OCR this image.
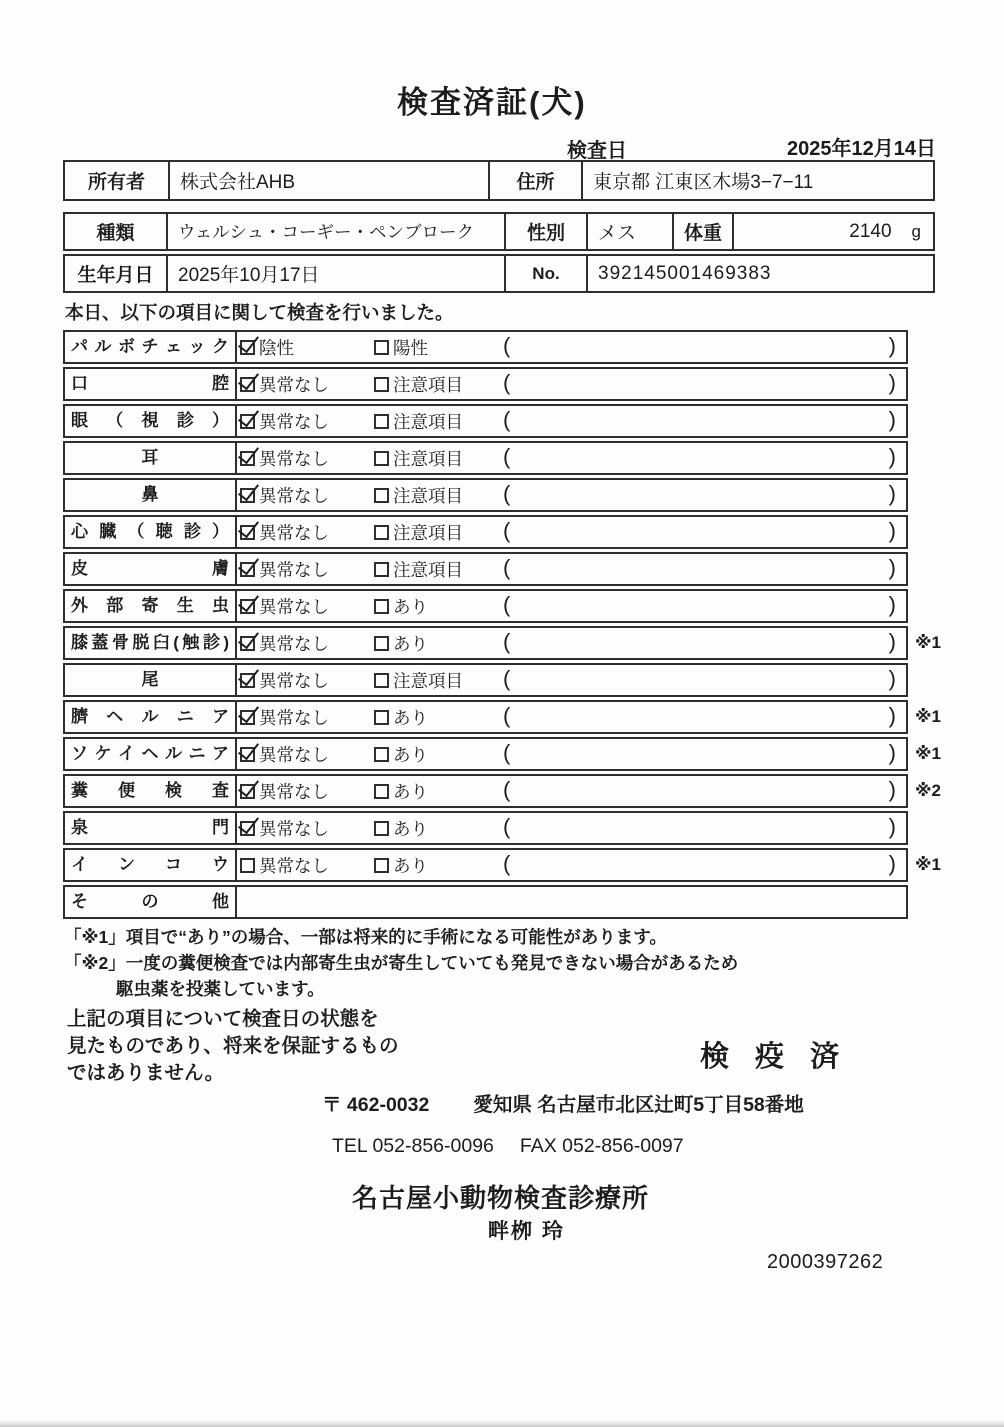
検査済証(犬)
検査日	2025年12月14日
所有者	株式会社AHB	住所	東京都 江東区木場3−7−11
種類	ウェルシュ・コーギー・ペンブローク	性別	メス	体重	2140 g
生年月日	2025年10月17日	No.	392145001469383
本日、以下の項目に関して検査を行いました。
パ ル ボ チ ェ ッ ク	陰性	陽性	(	)
口 腔	異常なし	注意項目 (	)
眼 （ 視 診 ）	異常なし	注意項目 (	)
耳	異常なし	注意項目 (	)
鼻	異常なし	注意項目 (	)
心 臓 （ 聴 診 ）	異常なし	注意項目 (	)
皮 膚	異常なし	注意項目 (	)
外 部 寄 生 虫	異常なし	あり	(	)
膝蓋骨脱臼(触診)	異常なし	あり	(	) ※1
尾	異常なし	注意項目 (	)
臍 ヘ ル ニ ア	異常なし	あり	(	) ※1
ソ ケ イ ヘ ル ニ ア	異常なし	あり	(	) ※1
糞 便 検 査	異常なし	あり	(	) ※2
泉 門	異常なし	あり	(	)
イ ン コ ウ	異常なし	あり	(	) ※1
そ の 他
「※1」項目で“あり”の場合、一部は将来的に手術になる可能性があります。
「※2」一度の糞便検査では内部寄生虫が寄生していても発見できない場合があるため
駆虫薬を投薬しています。
上記の項目について検査日の状態を
見たものであり、将来を保証するもの
ではありません。	検 疫 済
〒 462-0032 愛知県 名古屋市北区辻町5丁目58番地
TEL 052-856-0096 FAX 052-856-0097
名古屋小動物検査診療所
畔栁 玲
2000397262
